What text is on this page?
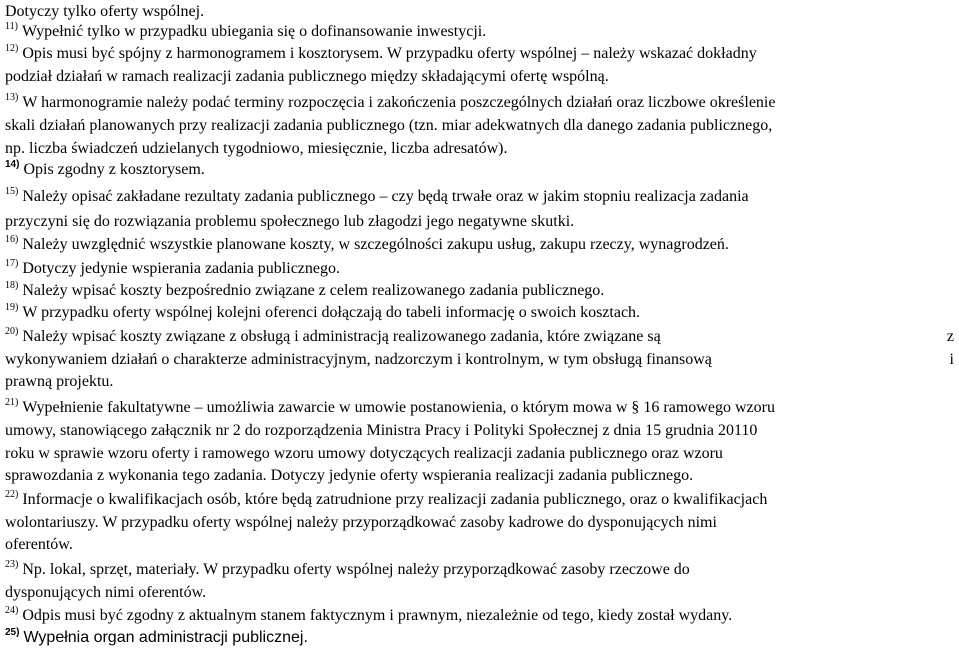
Dotyczy tylko oferty wspólnej.
$^{11)}$ Wypełnić tylko w przypadku ubiegania się o dofinansowanie inwestycji.
$^{12)}$ Opis musi być spójny z harmonogramem i kosztorysem. W przypadku oferty wspólnej – należy wskazać dokładny
podział działań w ramach realizacji zadania publicznego między składającymi ofertę wspólną.
$^{13)}$ W harmonogramie należy podać terminy rozpoczęcia i zakończenia poszczególnych działań oraz liczbowe określenie
skali działań planowanych przy realizacji zadania publicznego (tzn. miar adekwatnych dla danego zadania publicznego,
np. liczba świadczeń udzielanych tygodniowo, miesięcznie, liczba adresatów).
$^{14)}$ Opis zgodny z kosztorysem.
$^{15)}$ Należy opisać zakładane rezultaty zadania publicznego – czy będą trwałe oraz w jakim stopniu realizacja zadania
przyczyni się do rozwiązania problemu społecznego lub złagodzi jego negatywne skutki.
$^{16)}$ Należy uwzględnić wszystkie planowane koszty, w szczególności zakupu usług, zakupu rzeczy, wynagrodzeń.
$^{17)}$ Dotyczy jedynie wspierania zadania publicznego.
$^{18)}$ Należy wpisać koszty bezpośrednio związane z celem realizowanego zadania publicznego.
$^{19)}$ W przypadku oferty wspólnej kolejni oferenci dołączają do tabeli informację o swoich kosztach.
$^{20)}$ Należy wpisać koszty związane z obsługą i administracją realizowanego zadania, które związane są	z
wykonywaniem działań o charakterze administracyjnym, nadzorczym i kontrolnym, w tym obsługą finansową	i
prawną projektu.
$^{21)}$ Wypełnienie fakultatywne – umożliwia zawarcie w umowie postanowienia, o którym mowa w § 16 ramowego wzoru
umowy, stanowiącego załącznik nr 2 do rozporządzenia Ministra Pracy i Polityki Społecznej z dnia 15 grudnia 20110
roku w sprawie wzoru oferty i ramowego wzoru umowy dotyczących realizacji zadania publicznego oraz wzoru
sprawozdania z wykonania tego zadania. Dotyczy jedynie oferty wspierania realizacji zadania publicznego.
$^{22)}$ Informacje o kwalifikacjach osób, które będą zatrudnione przy realizacji zadania publicznego, oraz o kwalifikacjach
wolontariuszy. W przypadku oferty wspólnej należy przyporządkować zasoby kadrowe do dysponujących nimi
oferentów.
$^{23)}$ Np. lokal, sprzęt, materiały. W przypadku oferty wspólnej należy przyporządkować zasoby rzeczowe do
dysponujących nimi oferentów.
$^{24)}$ Odpis musi być zgodny z aktualnym stanem faktycznym i prawnym, niezależnie od tego, kiedy został wydany.
$^{25)}$ Wypełnia organ administracji publicznej.
